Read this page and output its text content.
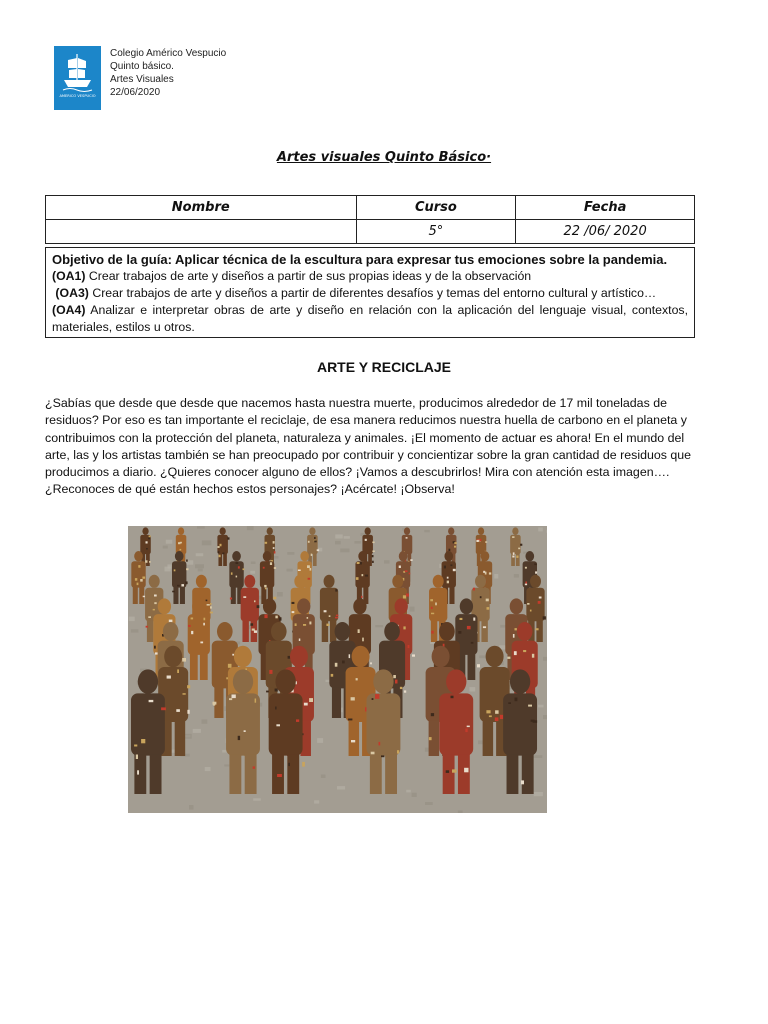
AMERICO VESPUCIO
Colegio Américo Vespucio
Quinto básico.
Artes Visuales
22/06/2020
Artes visuales Quinto Básico·
Nombre	Curso	Fecha
	5°	22 /06/ 2020
Objetivo de la guía: Aplicar técnica de la escultura para expresar tus emociones sobre la pandemia.
(OA1) Crear trabajos de arte y diseños a partir de sus propias ideas y de la observación
(OA3) Crear trabajos de arte y diseños a partir de diferentes desafíos y temas del entorno cultural y artístico…
(OA4) Analizar e interpretar obras de arte y diseño en relación con la aplicación del lenguaje visual, contextos, materiales, estilos u otros.
ARTE Y RECICLAJE
¿Sabías que desde que desde que nacemos hasta nuestra muerte, producimos alrededor de 17 mil toneladas de residuos? Por eso es tan importante el reciclaje, de esa manera reducimos nuestra huella de carbono en el planeta y contribuimos con la protección del planeta, naturaleza y animales. ¡El momento de actuar es ahora! En el mundo del arte, las y los artistas también se han preocupado por contribuir y concientizar sobre la gran cantidad de residuos que producimos a diario. ¿Quieres conocer alguno de ellos? ¡Vamos a descubrirlos! Mira con atención esta imagen…. ¿Reconoces de qué están hechos estos personajes? ¡Acércate! ¡Observa!
